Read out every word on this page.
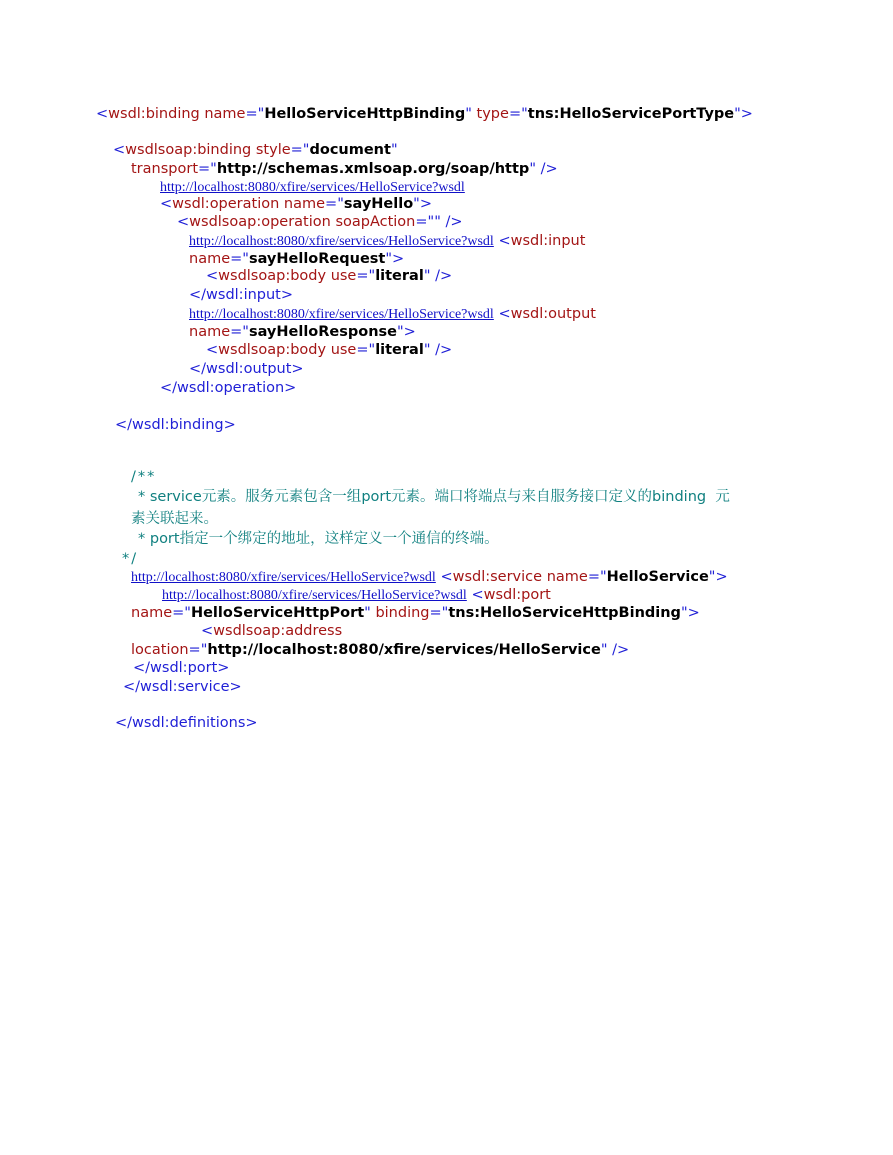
<wsdl:binding name="HelloServiceHttpBinding" type="tns:HelloServicePortType">
<wsdlsoap:binding style="document"
transport="http://schemas.xmlsoap.org/soap/http" />
http://localhost:8080/xfire/services/HelloService?wsdl
<wsdl:operation name="sayHello">
<wsdlsoap:operation soapAction="" />
http://localhost:8080/xfire/services/HelloService?wsdl <wsdl:input
name="sayHelloRequest">
<wsdlsoap:body use="literal" />
</wsdl:input>
http://localhost:8080/xfire/services/HelloService?wsdl <wsdl:output
name="sayHelloResponse">
<wsdlsoap:body use="literal" />
</wsdl:output>
</wsdl:operation>
</wsdl:binding>
/**
* service元素。服务元素包含一组port元素。端口将端点与来自服务接口定义的binding 元
素关联起来。
* port指定一个绑定的地址，这样定义一个通信的终端。
*/
http://localhost:8080/xfire/services/HelloService?wsdl <wsdl:service name="HelloService">
http://localhost:8080/xfire/services/HelloService?wsdl <wsdl:port
name="HelloServiceHttpPort" binding="tns:HelloServiceHttpBinding">
<wsdlsoap:address
location="http://localhost:8080/xfire/services/HelloService" />
</wsdl:port>
</wsdl:service>
</wsdl:definitions>
